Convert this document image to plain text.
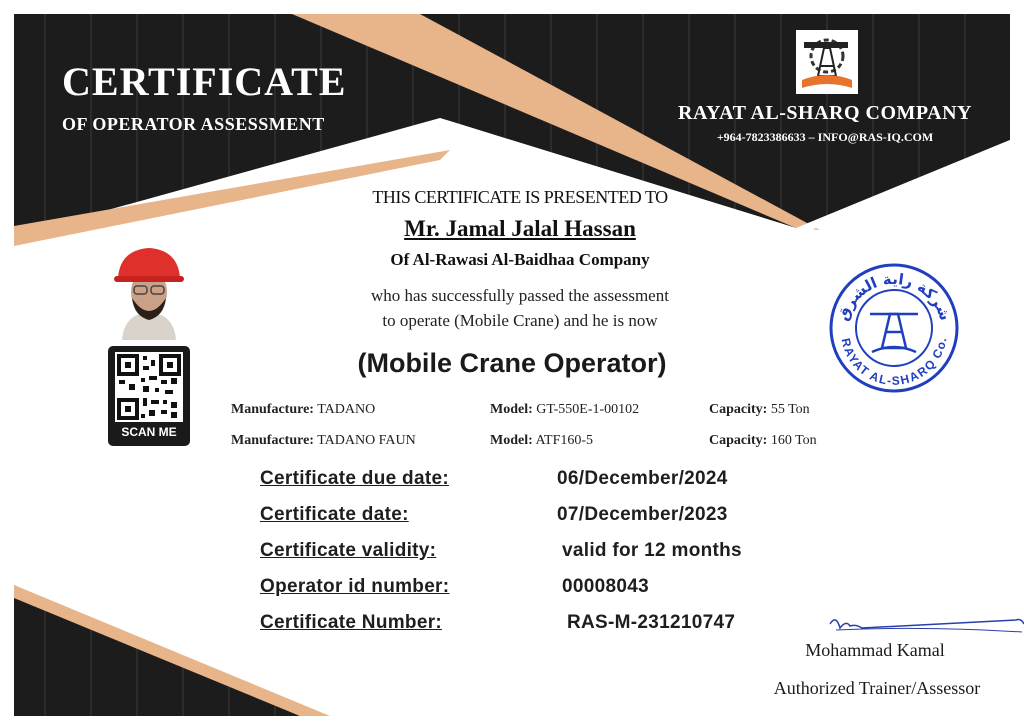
CERTIFICATE
OF OPERATOR ASSESSMENT	RAYAT AL-SHARQ COMPANY
+964-7823386633 – INFO@RAS-IQ.COM
SCAN ME
THIS CERTIFICATE IS PRESENTED TO
Mr. Jamal Jalal Hassan
Of Al-Rawasi Al-Baidhaa Company
who has successfully passed the assessment
to operate (Mobile Crane) and he is now
(Mobile Crane Operator)
Manufacture: TADANO	Model: GT-550E-1-00102	Capacity: 55 Ton
Manufacture: TADANO FAUN	Model: ATF160-5	Capacity: 160 Ton
Certificate due date:	06/December/2024
Certificate date:	07/December/2023
Certificate validity:	valid for 12 months
Operator id number:	00008043
Certificate Number:	RAS-M-231210747
شركة راية الشرق
RAYAT AL-SHARQ Co.
Mohammad Kamal
Authorized Trainer/Assessor
